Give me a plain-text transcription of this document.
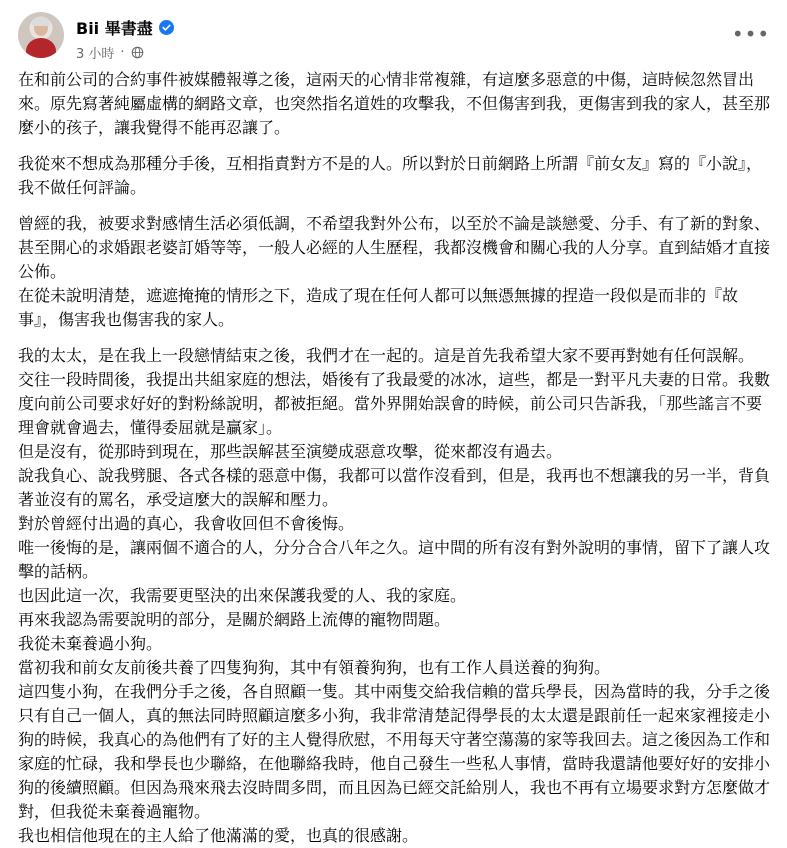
Bii 畢書盡
3 小時 ·
•••

在和前公司的合約事件被媒體報導之後，這兩天的心情非常複雜，有這麼多惡意的中傷，這時候忽然冒出來。原先寫著純屬虛構的網路文章，也突然指名道姓的攻擊我，不但傷害到我，更傷害到我的家人，甚至那麼小的孩子，讓我覺得不能再忍讓了。

我從來不想成為那種分手後，互相指責對方不是的人。所以對於日前網路上所謂『前女友』寫的『小說』，我不做任何評論。

曾經的我，被要求對感情生活必須低調，不希望我對外公布，以至於不論是談戀愛、分手、有了新的對象、甚至開心的求婚跟老婆訂婚等等，一般人必經的人生歷程，我都沒機會和關心我的人分享。直到結婚才直接公佈。

在從未說明清楚，遮遮掩掩的情形之下，造成了現在任何人都可以無憑無據的捏造一段似是而非的『故事』，傷害我也傷害我的家人。

我的太太，是在我上一段戀情結束之後，我們才在一起的。這是首先我希望大家不要再對她有任何誤解。

交往一段時間後，我提出共組家庭的想法，婚後有了我最愛的冰冰，這些，都是一對平凡夫妻的日常。我數度向前公司要求好好的對粉絲說明，都被拒絕。當外界開始誤會的時候，前公司只告訴我，「那些謠言不要理會就會過去，懂得委屈就是贏家」。

但是沒有，從那時到現在，那些誤解甚至演變成惡意攻擊，從來都沒有過去。

說我負心、說我劈腿、各式各樣的惡意中傷，我都可以當作沒看到，但是，我再也不想讓我的另一半，背負著並沒有的罵名，承受這麼大的誤解和壓力。

對於曾經付出過的真心，我會收回但不會後悔。

唯一後悔的是，讓兩個不適合的人，分分合合八年之久。這中間的所有沒有對外說明的事情，留下了讓人攻擊的話柄。

也因此這一次，我需要更堅決的出來保護我愛的人、我的家庭。

再來我認為需要說明的部分，是關於網路上流傳的寵物問題。

我從未棄養過小狗。

當初我和前女友前後共養了四隻狗狗，其中有領養狗狗，也有工作人員送養的狗狗。

這四隻小狗，在我們分手之後，各自照顧一隻。其中兩隻交給我信賴的當兵學長，因為當時的我，分手之後只有自己一個人，真的無法同時照顧這麼多小狗，我非常清楚記得學長的太太還是跟前任一起來家裡接走小狗的時候，我真心的為他們有了好的主人覺得欣慰，不用每天守著空蕩蕩的家等我回去。這之後因為工作和家庭的忙碌，我和學長也少聯絡，在他聯絡我時，他自己發生一些私人事情，當時我還請他要好好的安排小狗的後續照顧。但因為飛來飛去沒時間多問，而且因為已經交託給別人，我也不再有立場要求對方怎麼做才對，但我從未棄養過寵物。

我也相信他現在的主人給了他滿滿的愛，也真的很感謝。
